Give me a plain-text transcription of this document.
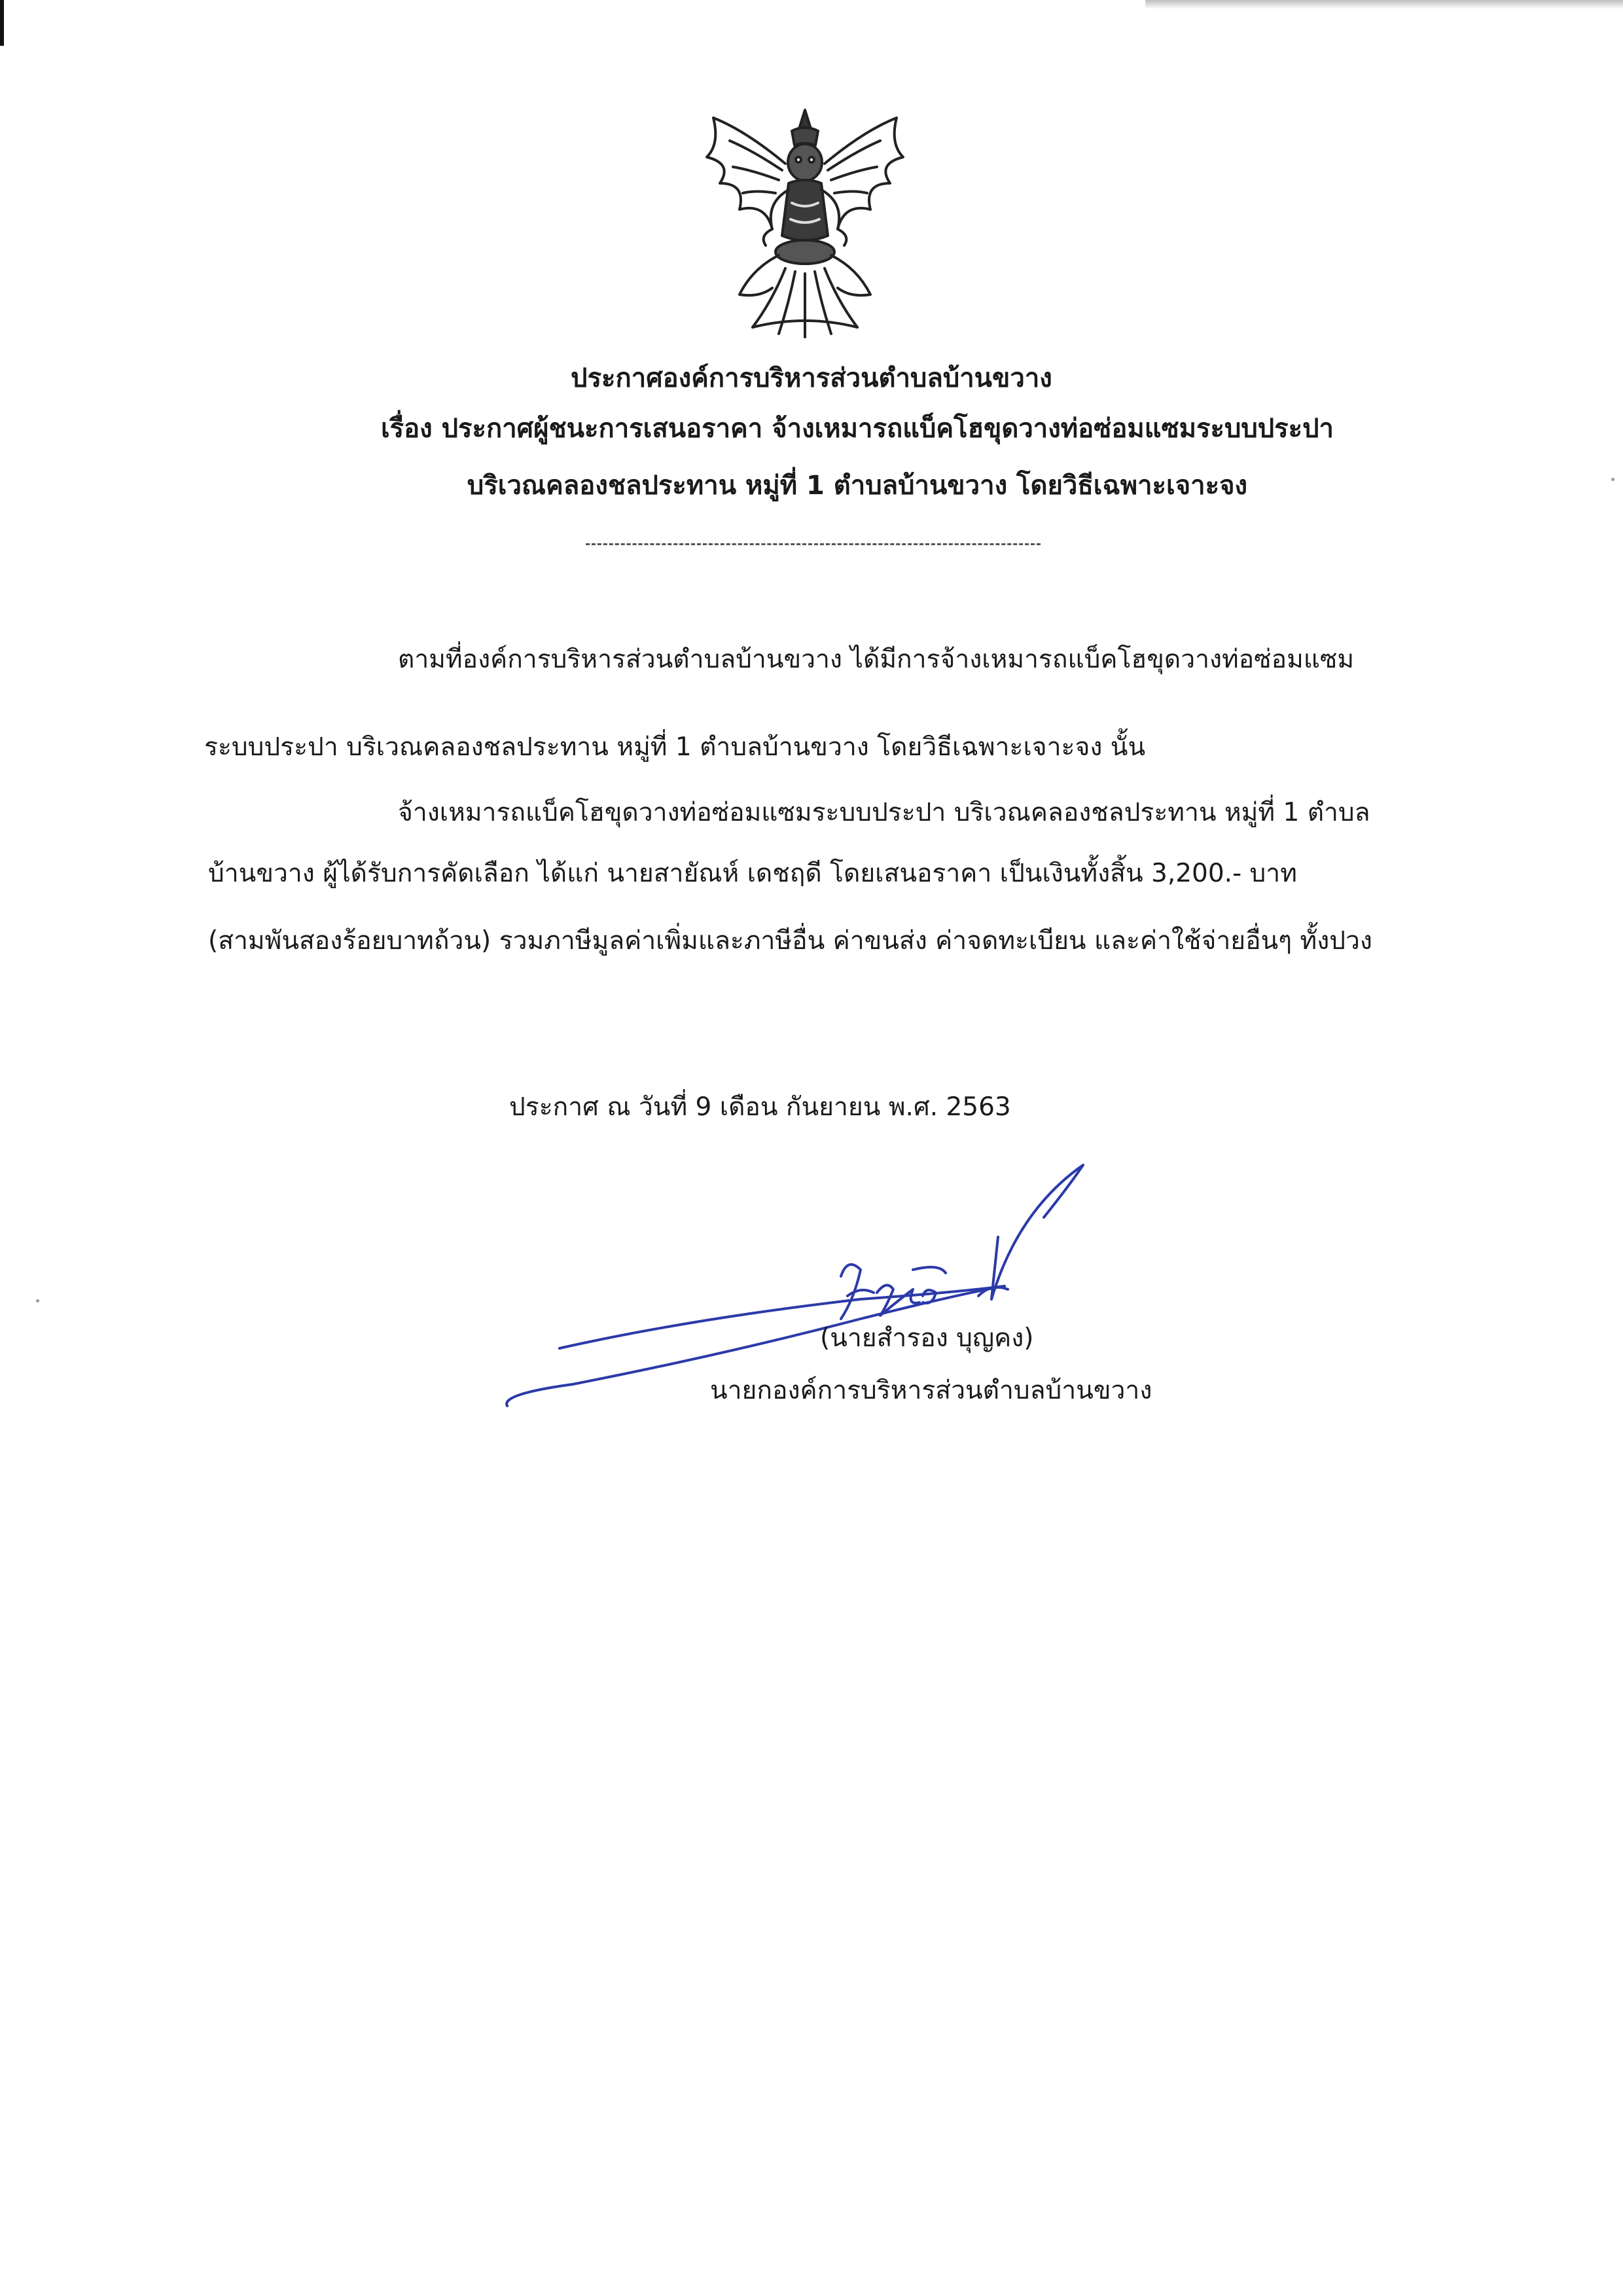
ประกาศองค์การบริหารส่วนตำบลบ้านขวาง
เรื่อง ประกาศผู้ชนะการเสนอราคา จ้างเหมารถแบ็คโฮขุดวางท่อซ่อมแซมระบบประปา
บริเวณคลองชลประทาน หมู่ที่ 1 ตำบลบ้านขวาง โดยวิธีเฉพาะเจาะจง
ตามที่องค์การบริหารส่วนตำบลบ้านขวาง ได้มีการจ้างเหมารถแบ็คโฮขุดวางท่อซ่อมแซม
ระบบประปา บริเวณคลองชลประทาน หมู่ที่ 1 ตำบลบ้านขวาง โดยวิธีเฉพาะเจาะจง นั้น
จ้างเหมารถแบ็คโฮขุดวางท่อซ่อมแซมระบบประปา บริเวณคลองชลประทาน หมู่ที่ 1 ตำบล
บ้านขวาง ผู้ได้รับการคัดเลือก ได้แก่ นายสายัณห์ เดชฤดี โดยเสนอราคา เป็นเงินทั้งสิ้น 3,200.- บาท
(สามพันสองร้อยบาทถ้วน) รวมภาษีมูลค่าเพิ่มและภาษีอื่น ค่าขนส่ง ค่าจดทะเบียน และค่าใช้จ่ายอื่นๆ ทั้งปวง
ประกาศ ณ วันที่ 9 เดือน กันยายน พ.ศ. 2563
(นายสำรอง บุญคง)
นายกองค์การบริหารส่วนตำบลบ้านขวาง
